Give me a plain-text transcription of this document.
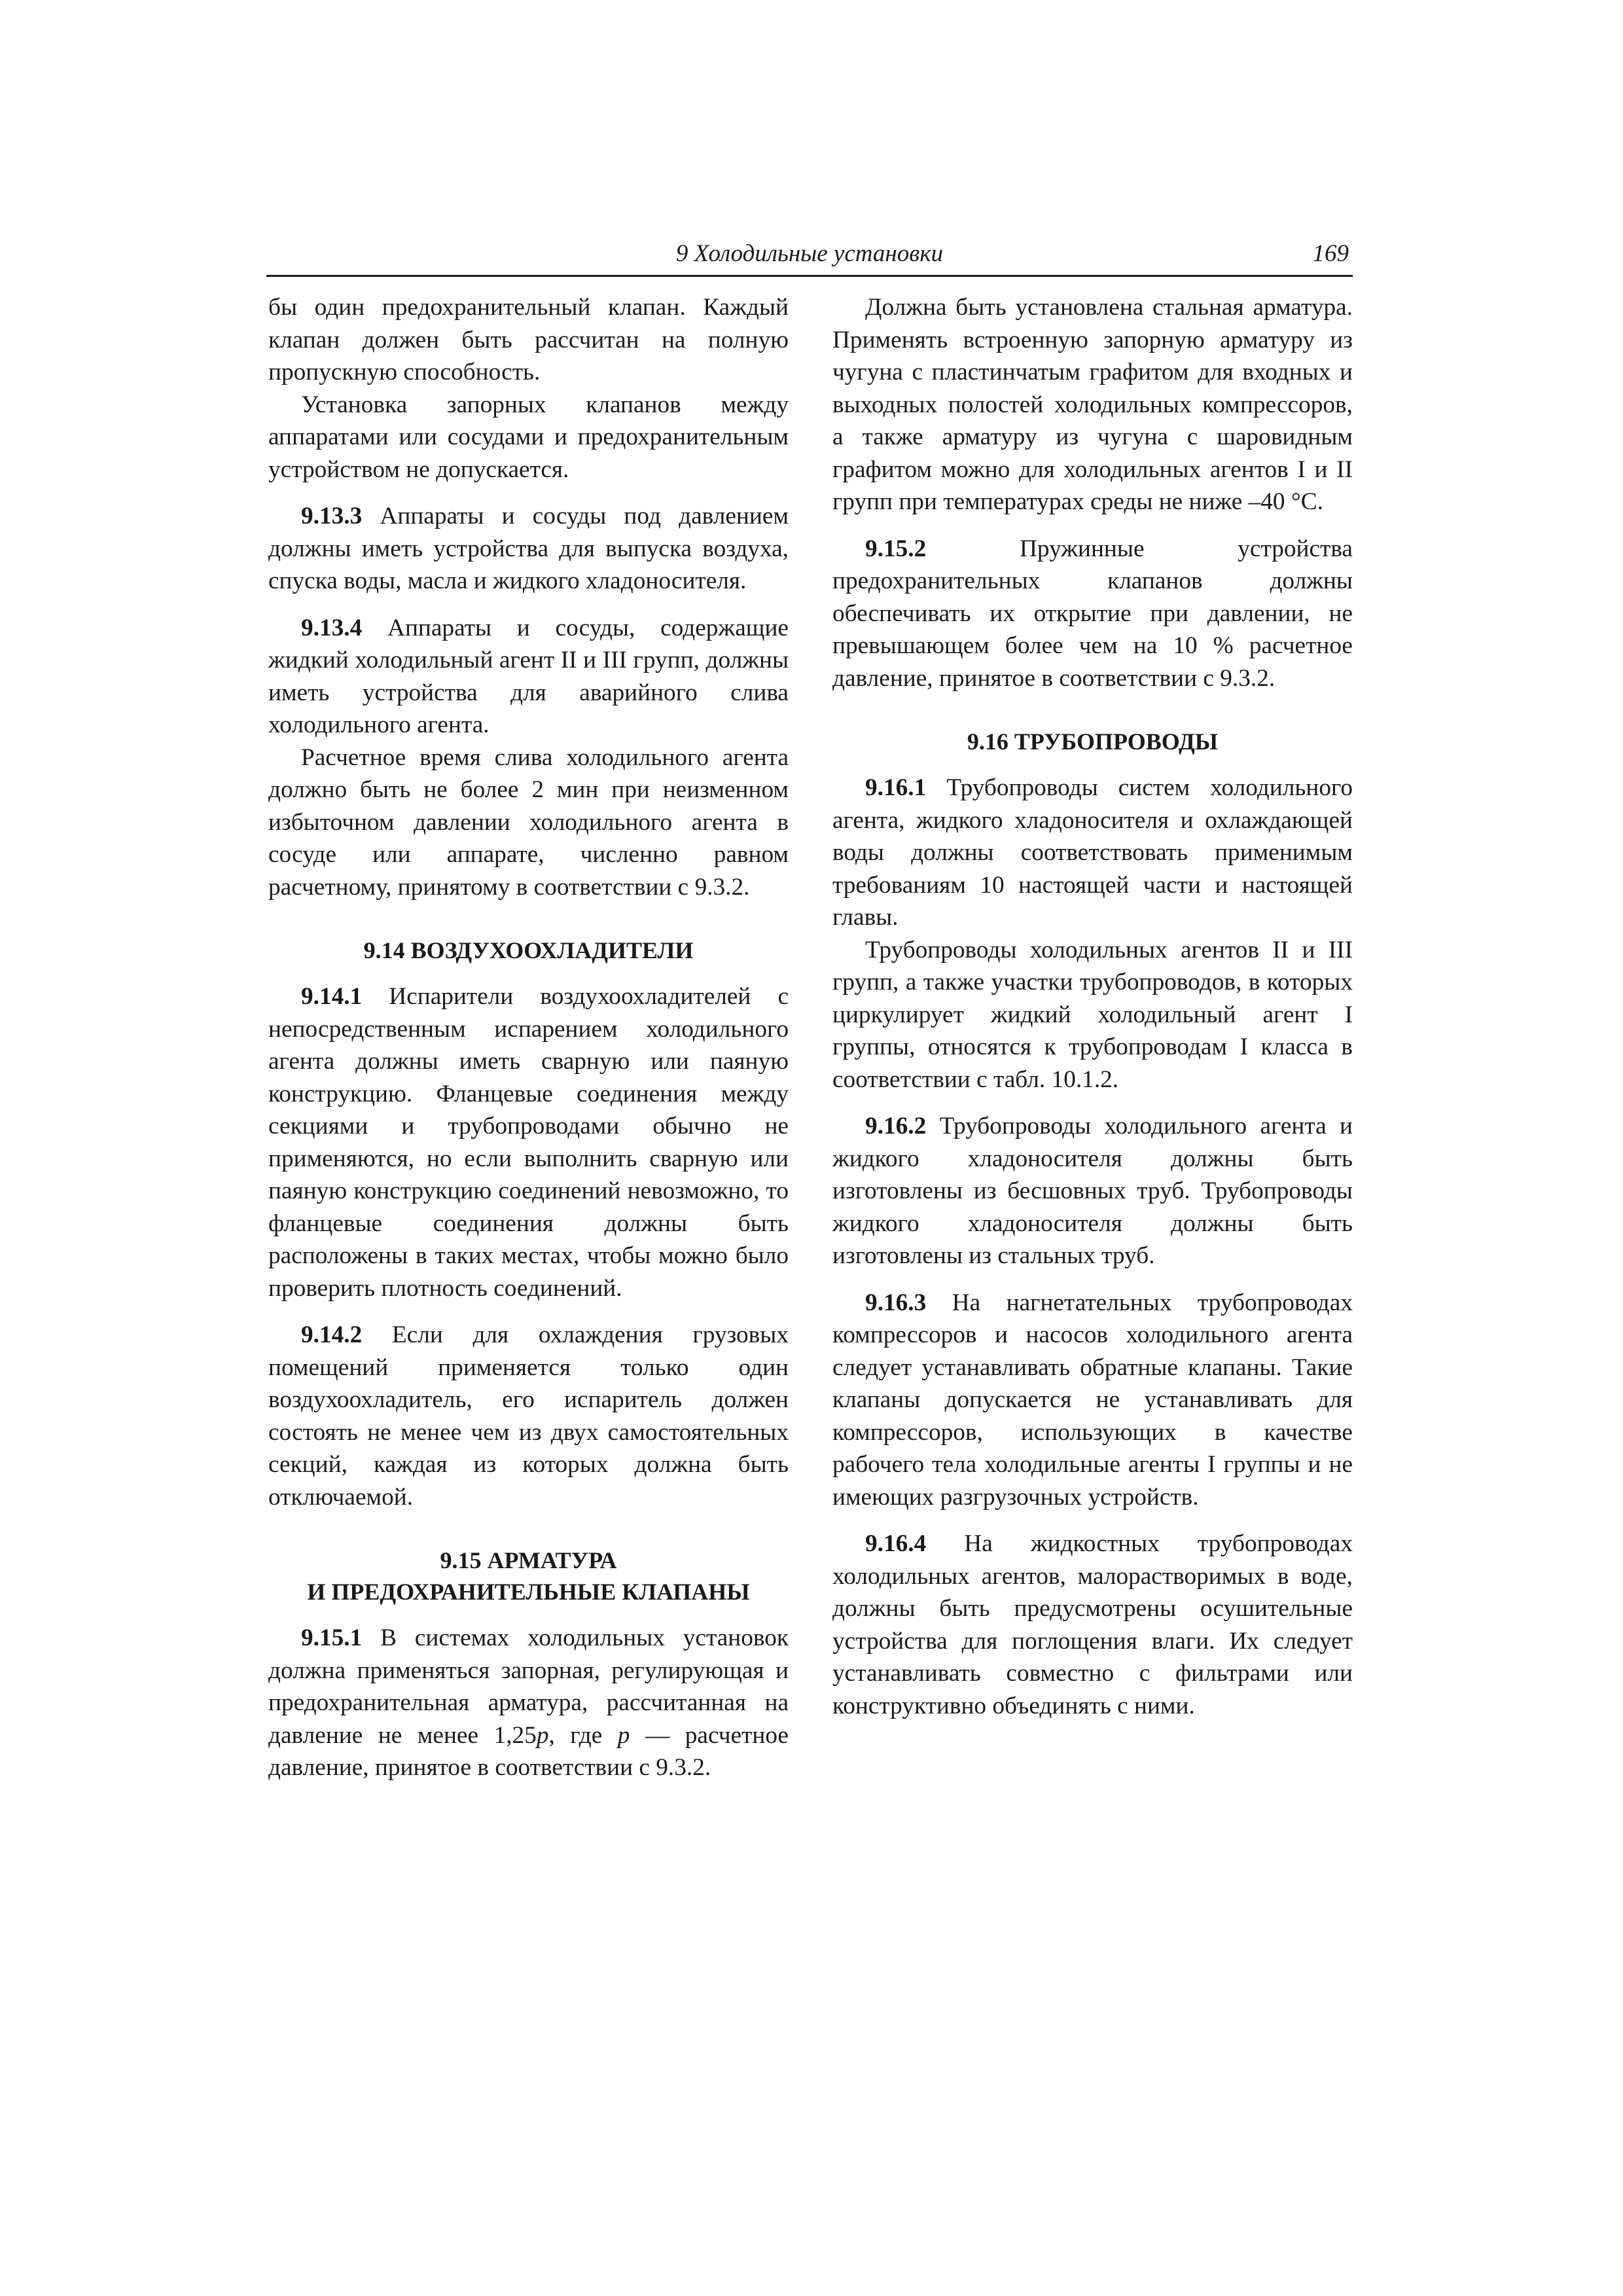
9 Холодильные установки	169

бы один предохранительный клапан. Каждый клапан должен быть рассчитан на полную пропускную способность.

Установка запорных клапанов между аппаратами или сосудами и предохранительным устройством не допускается.

9.13.3 Аппараты и сосуды под давлением должны иметь устройства для выпуска воздуха, спуска воды, масла и жидкого хладоносителя.

9.13.4 Аппараты и сосуды, содержащие жидкий холодильный агент II и III групп, должны иметь устройства для аварийного слива холодильного агента.

Расчетное время слива холодильного агента должно быть не более 2 мин при неизменном избыточном давлении холодильного агента в сосуде или аппарате, численно равном расчетному, принятому в соответствии с 9.3.2.

9.14 ВОЗДУХООХЛАДИТЕЛИ

9.14.1 Испарители воздухоохладителей с непосредственным испарением холодильного агента должны иметь сварную или паяную конструкцию. Фланцевые соединения между секциями и трубопроводами обычно не применяются, но если выполнить сварную или паяную конструкцию соединений невозможно, то фланцевые соединения должны быть расположены в таких местах, чтобы можно было проверить плотность соединений.

9.14.2 Если для охлаждения грузовых помещений применяется только один воздухоохладитель, его испаритель должен состоять не менее чем из двух самостоятельных секций, каждая из которых должна быть отключаемой.

9.15 АРМАТУРА
И ПРЕДОХРАНИТЕЛЬНЫЕ КЛАПАНЫ

9.15.1 В системах холодильных установок должна применяться запорная, регулирующая и предохранительная арматура, рассчитанная на давление не менее 1,25p, где p — расчетное давление, принятое в соответствии с 9.3.2.

Должна быть установлена стальная арматура. Применять встроенную запорную арматуру из чугуна с пластинчатым графитом для входных и выходных полостей холодильных компрессоров, а также арматуру из чугуна с шаровидным графитом можно для холодильных агентов I и II групп при температурах среды не ниже –40 °С.

9.15.2 Пружинные устройства предохранительных клапанов должны обеспечивать их открытие при давлении, не превышающем более чем на 10 % расчетное давление, принятое в соответствии с 9.3.2.

9.16 ТРУБОПРОВОДЫ

9.16.1 Трубопроводы систем холодильного агента, жидкого хладоносителя и охлаждающей воды должны соответствовать применимым требованиям 10 настоящей части и настоящей главы.

Трубопроводы холодильных агентов II и III групп, а также участки трубопроводов, в которых циркулирует жидкий холодильный агент I группы, относятся к трубопроводам I класса в соответствии с табл. 10.1.2.

9.16.2 Трубопроводы холодильного агента и жидкого хладоносителя должны быть изготовлены из бесшовных труб. Трубопроводы жидкого хладоносителя должны быть изготовлены из стальных труб.

9.16.3 На нагнетательных трубопроводах компрессоров и насосов холодильного агента следует устанавливать обратные клапаны. Такие клапаны допускается не устанавливать для компрессоров, использующих в качестве рабочего тела холодильные агенты I группы и не имеющих разгрузочных устройств.

9.16.4 На жидкостных трубопроводах холодильных агентов, малорастворимых в воде, должны быть предусмотрены осушительные устройства для поглощения влаги. Их следует устанавливать совместно с фильтрами или конструктивно объединять с ними.
